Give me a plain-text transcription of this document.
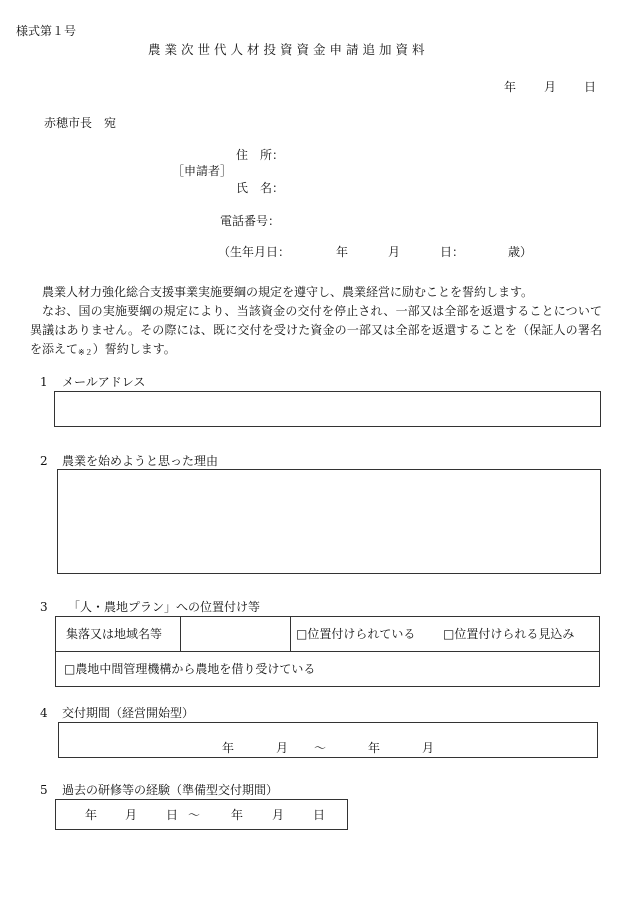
様式第１号
農業次世代人材投資資金申請追加資料
年 月 日
赤穂市長　宛
住　所：
［申請者］
氏　名：
電話番号：
（生年月日：	年	月	日：	歳）

農業人材力強化総合支援事業実施要綱の規定を遵守し、農業経営に励むことを誓約します。

なお、国の実施要綱の規定により、当該資金の交付を停止され、一部又は全部を返還することについて異議はありません。その際には、既に交付を受けた資金の一部又は全部を返還することを（保証人の署名を添えて$_{※2}$）誓約します。

1 メールアドレス
2 農業を始めようと思った理由
3 「人・農地プラン」への位置付け等
集落又は地域名等	□位置付けられている □位置付けられる見込み
□農地中間管理機構から農地を借り受けている
4 交付期間（経営開始型）
年	月 ～	年	月
5 過去の研修等の経験（準備型交付期間）
年 月 日 ～	年 月 日
